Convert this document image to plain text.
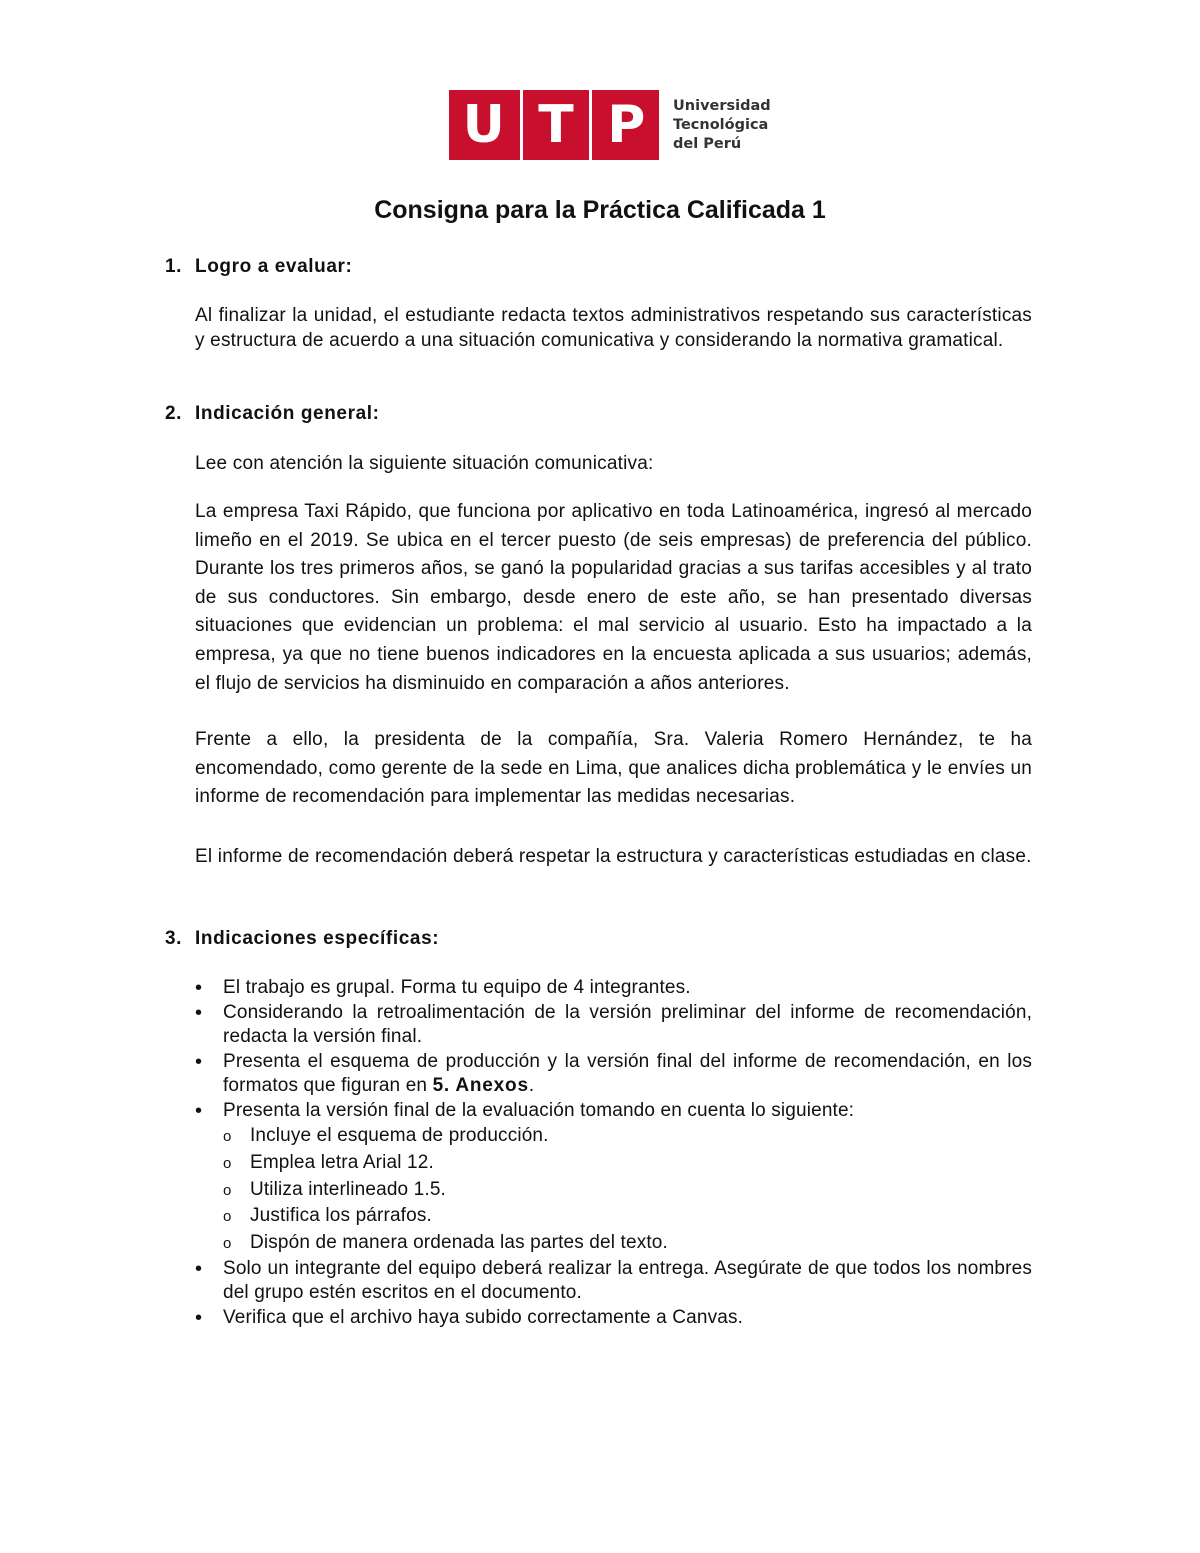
U T P Universidad
Tecnológica
del Perú
Consigna para la Práctica Calificada 1
1. Logro a evaluar:
Al finalizar la unidad, el estudiante redacta textos administrativos respetando sus características y estructura de acuerdo a una situación comunicativa y considerando la normativa gramatical.
2. Indicación general:
Lee con atención la siguiente situación comunicativa:
La empresa Taxi Rápido, que funciona por aplicativo en toda Latinoamérica, ingresó al mercado limeño en el 2019. Se ubica en el tercer puesto (de seis empresas) de preferencia del público. Durante los tres primeros años, se ganó la popularidad gracias a sus tarifas accesibles y al trato de sus conductores. Sin embargo, desde enero de este año, se han presentado diversas situaciones que evidencian un problema: el mal servicio al usuario. Esto ha impactado a la empresa, ya que no tiene buenos indicadores en la encuesta aplicada a sus usuarios; además, el flujo de servicios ha disminuido en comparación a años anteriores.
Frente a ello, la presidenta de la compañía, Sra. Valeria Romero Hernández, te ha encomendado, como gerente de la sede en Lima, que analices dicha problemática y le envíes un informe de recomendación para implementar las medidas necesarias.
El informe de recomendación deberá respetar la estructura y características estudiadas en clase.
3. Indicaciones específicas:
• El trabajo es grupal. Forma tu equipo de 4 integrantes.
• Considerando la retroalimentación de la versión preliminar del informe de recomendación, redacta la versión final.
• Presenta el esquema de producción y la versión final del informe de recomendación, en los formatos que figuran en 5. Anexos.
• Presenta la versión final de la evaluación tomando en cuenta lo siguiente:
o Incluye el esquema de producción.
o Emplea letra Arial 12.
o Utiliza interlineado 1.5.
o Justifica los párrafos.
o Dispón de manera ordenada las partes del texto.
• Solo un integrante del equipo deberá realizar la entrega. Asegúrate de que todos los nombres del grupo estén escritos en el documento.
• Verifica que el archivo haya subido correctamente a Canvas.
